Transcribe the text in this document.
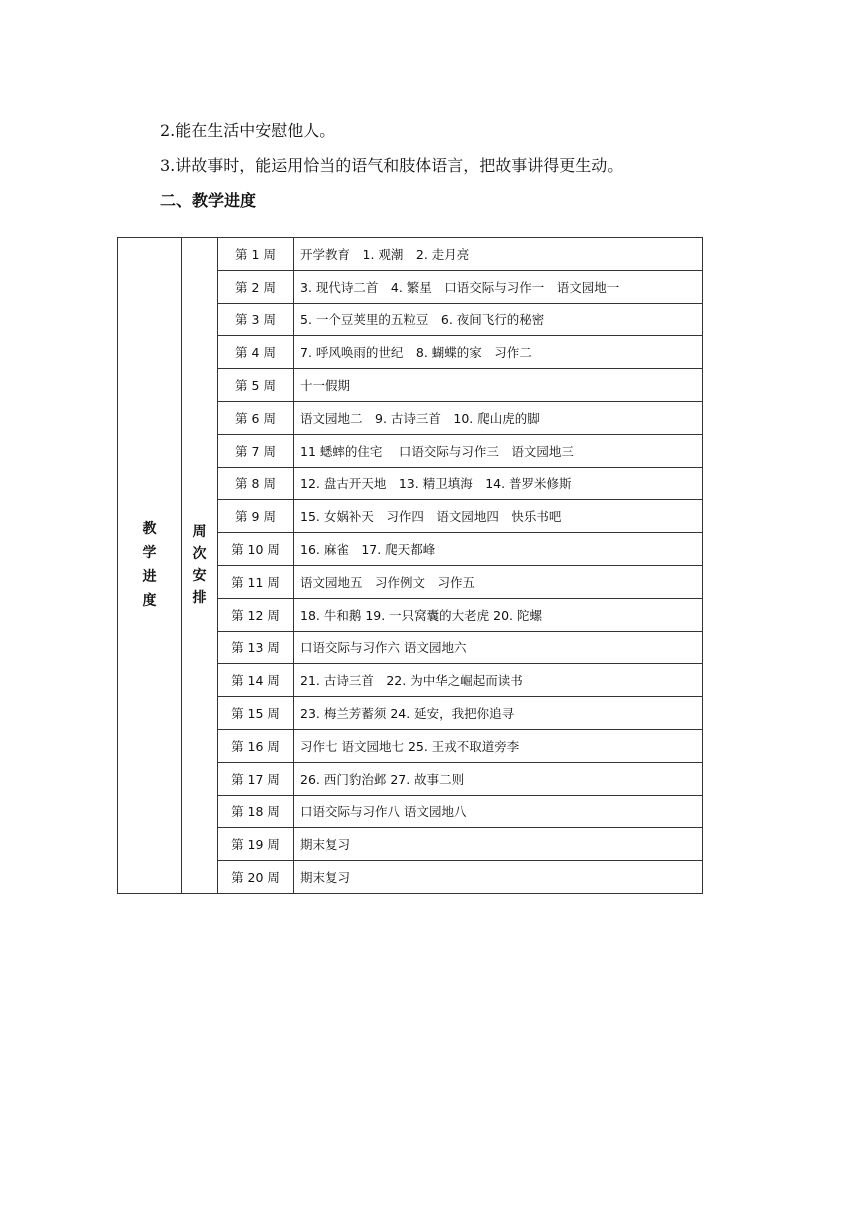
2.能在生活中安慰他人。
3.讲故事时，能运用恰当的语气和肢体语言，把故事讲得更生动。
二、教学进度
教
学
进
度	周
次
安
排	第 1 周	开学教育　1. 观潮　2. 走月亮
		第 2 周	3. 现代诗二首　4. 繁星　口语交际与习作一　语文园地一
		第 3 周	5. 一个豆荚里的五粒豆　6. 夜间飞行的秘密
		第 4 周	7. 呼风唤雨的世纪　8. 蝴蝶的家　习作二
		第 5 周	十一假期
		第 6 周	语文园地二　9. 古诗三首　10. 爬山虎的脚
		第 7 周	11 蟋蟀的住宅　 口语交际与习作三　语文园地三
		第 8 周	12. 盘古开天地　13. 精卫填海　14. 普罗米修斯
		第 9 周	15. 女娲补天　习作四　语文园地四　快乐书吧
		第 10 周	16. 麻雀　17. 爬天都峰
		第 11 周	语文园地五　习作例文　习作五
		第 12 周	18. 牛和鹅 19. 一只窝囊的大老虎 20. 陀螺
		第 13 周	口语交际与习作六 语文园地六
		第 14 周	21. 古诗三首　22. 为中华之崛起而读书
		第 15 周	23. 梅兰芳蓄须 24. 延安，我把你追寻
		第 16 周	习作七 语文园地七 25. 王戎不取道旁李
		第 17 周	26. 西门豹治邺 27. 故事二则
		第 18 周	口语交际与习作八 语文园地八
		第 19 周	期末复习
		第 20 周	期末复习
